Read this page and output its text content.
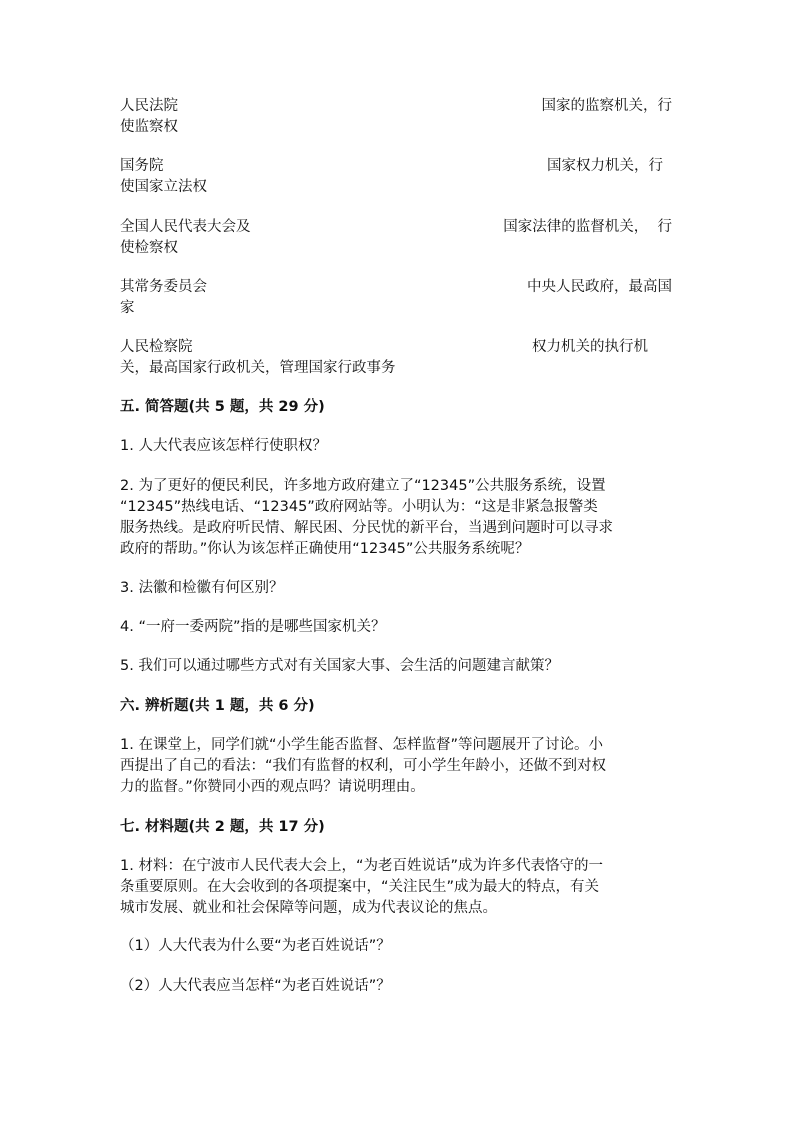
人民法院	国家的监察机关，行
使监察权
国务院	国家权力机关，行
使国家立法权
全国人民代表大会及	国家法律的监督机关，  行
使检察权
其常务委员会	中央人民政府，最高国
家
人民检察院	权力机关的执行机
关，最高国家行政机关，管理国家行政事务
五. 简答题(共 5 题，共 29 分)
1. 人大代表应该怎样行使职权？
2. 为了更好的便民利民，许多地方政府建立了“12345”公共服务系统，设置
“12345”热线电话、“12345”政府网站等。小明认为：“这是非紧急报警类
服务热线。是政府听民情、解民困、分民忧的新平台，当遇到问题时可以寻求
政府的帮助。”你认为该怎样正确使用“12345”公共服务系统呢？
3. 法徽和检徽有何区别？
4. “一府一委两院”指的是哪些国家机关？
5. 我们可以通过哪些方式对有关国家大事、会生活的问题建言献策？
六. 辨析题(共 1 题，共 6 分)
1. 在课堂上，同学们就“小学生能否监督、怎样监督”等问题展开了讨论。小
西提出了自己的看法：“我们有监督的权利，可小学生年龄小，还做不到对权
力的监督。”你赞同小西的观点吗？请说明理由。
七. 材料题(共 2 题，共 17 分)
1. 材料：在宁波市人民代表大会上，“为老百姓说话”成为许多代表恪守的一
条重要原则。在大会收到的各项提案中，“关注民生”成为最大的特点，有关
城市发展、就业和社会保障等问题，成为代表议论的焦点。
（1）人大代表为什么要“为老百姓说话”？
（2）人大代表应当怎样“为老百姓说话”？
